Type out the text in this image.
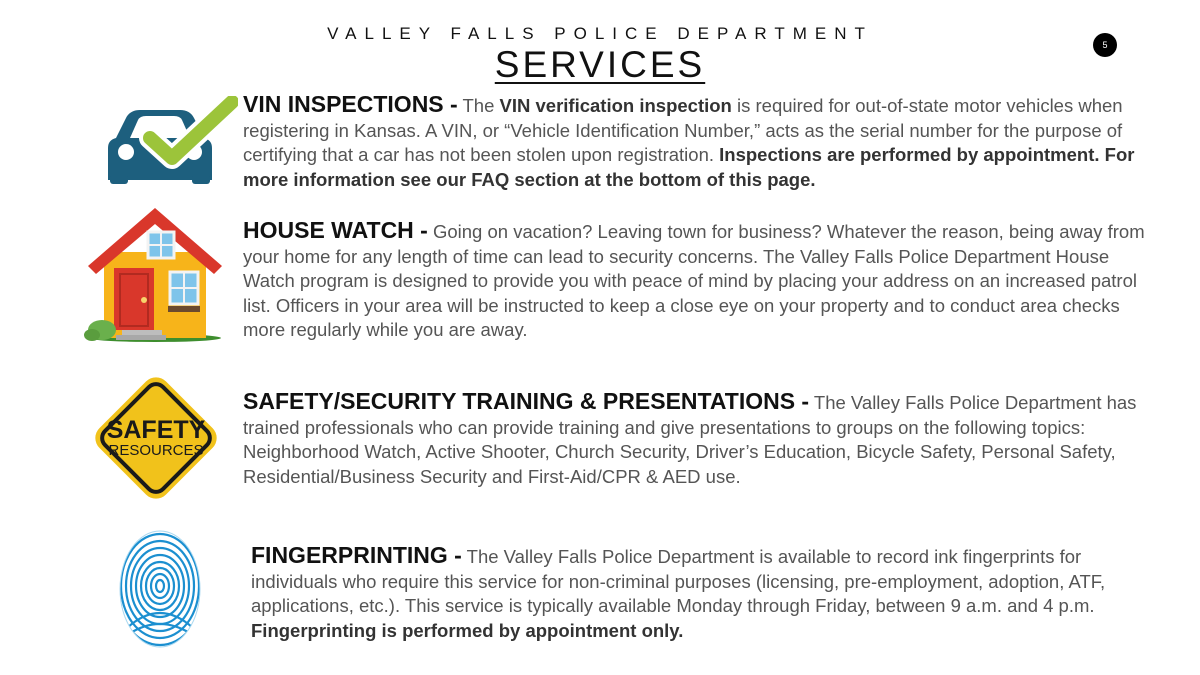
VALLEY FALLS POLICE DEPARTMENT
SERVICES	5
VIN INSPECTIONS - The VIN verification inspection is required for out-of-state motor vehicles when registering in Kansas. A VIN, or “Vehicle Identification Number,” acts as the serial number for the purpose of certifying that a car has not been stolen upon registration. Inspections are performed by appointment. For more information see our FAQ section at the bottom of this page.
HOUSE WATCH - Going on vacation? Leaving town for business? Whatever the reason, being away from your home for any length of time can lead to security concerns. The Valley Falls Police Department House Watch program is designed to provide you with peace of mind by placing your address on an increased patrol list. Officers in your area will be instructed to keep a close eye on your property and to conduct area checks more regularly while you are away.
SAFETY
RESOURCES
SAFETY/SECURITY TRAINING & PRESENTATIONS - The Valley Falls Police Department has trained professionals who can provide training and give presentations to groups on the following topics: Neighborhood Watch, Active Shooter, Church Security, Driver’s Education, Bicycle Safety, Personal Safety, Residential/Business Security and First-Aid/CPR & AED use.
FINGERPRINTING - The Valley Falls Police Department is available to record ink fingerprints for individuals who require this service for non-criminal purposes (licensing, pre-employment, adoption, ATF, applications, etc.). This service is typically available Monday through Friday, between 9 a.m. and 4 p.m. Fingerprinting is performed by appointment only.
